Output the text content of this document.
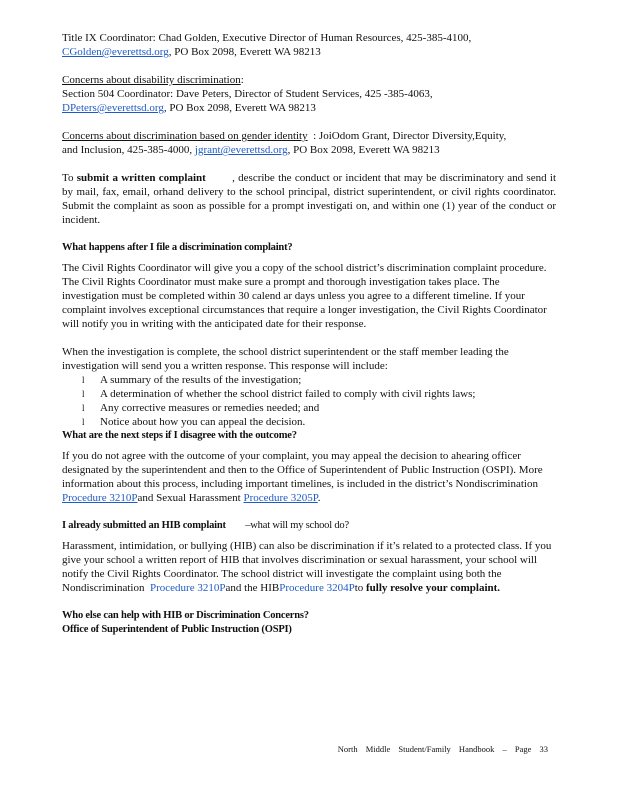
Title IX Coordinator: Chad Golden, Executive Director of Human Resources, 425-385-4100,

CGolden@everettsd.org, PO Box 2098, Everett WA 98213

Concerns about disability discrimination:

Section 504 Coordinator: Dave Peters, Director of Student Services, 425 -385-4063,

DPeters@everettsd.org, PO Box 2098, Everett WA 98213

Concerns about discrimination based on gender identity : JoiOdom Grant, Director Diversity,Equity,

and Inclusion, 425-385-4000, jgrant@everettsd.org, PO Box 2098, Everett WA 98213

To submit a written complaint , describe the conduct or incident that may be discriminatory and send it by mail, fax, email, orhand delivery to the school principal, district superintendent, or civil rights coordinator. Submit the complaint as soon as possible for a prompt investigati on, and within one (1) year of the conduct or incident.

What happens after I file a discrimination complaint?

The Civil Rights Coordinator will give you a copy of the school district’s discrimination complaint procedure. The Civil Rights Coordinator must make sure a prompt and thorough investigation takes place. The investigation must be completed within 30 calend ar days unless you agree to a different timeline. If your complaint involves exceptional circumstances that require a longer investigation, the Civil Rights Coordinator will notify you in writing with the anticipated date for their response.

When the investigation is complete, the school district superintendent or the staff member leading the investigation will send you a written response. This response will include:

l A summary of the results of the investigation;
l A determination of whether the school district failed to comply with civil rights laws;
l Any corrective measures or remedies needed; and
l Notice about how you can appeal the decision.

What are the next steps if I disagree with the outcome?

If you do not agree with the outcome of your complaint, you may appeal the decision to ahearing officer designated by the superintendent and then to the Office of Superintendent of Public Instruction (OSPI). More information about this process, including important timelines, is included in the district’s Nondiscrimination Procedure 3210Pand Sexual Harassment Procedure 3205P.

I already submitted an HIB complaint –what will my school do?

Harassment, intimidation, or bullying (HIB) can also be discrimination if it’s related to a protected class. If you give your school a written report of HIB that involves discrimination or sexual harassment, your school will notify the Civil Rights Coordinator. The school district will investigate the complaint using both the Nondiscrimination Procedure 3210Pand the HIBProcedure 3204Pto fully resolve your complaint.

Who else can help with HIB or Discrimination Concerns?

Office of Superintendent of Public Instruction (OSPI)

North Middle Student/Family Handbook – Page 33
